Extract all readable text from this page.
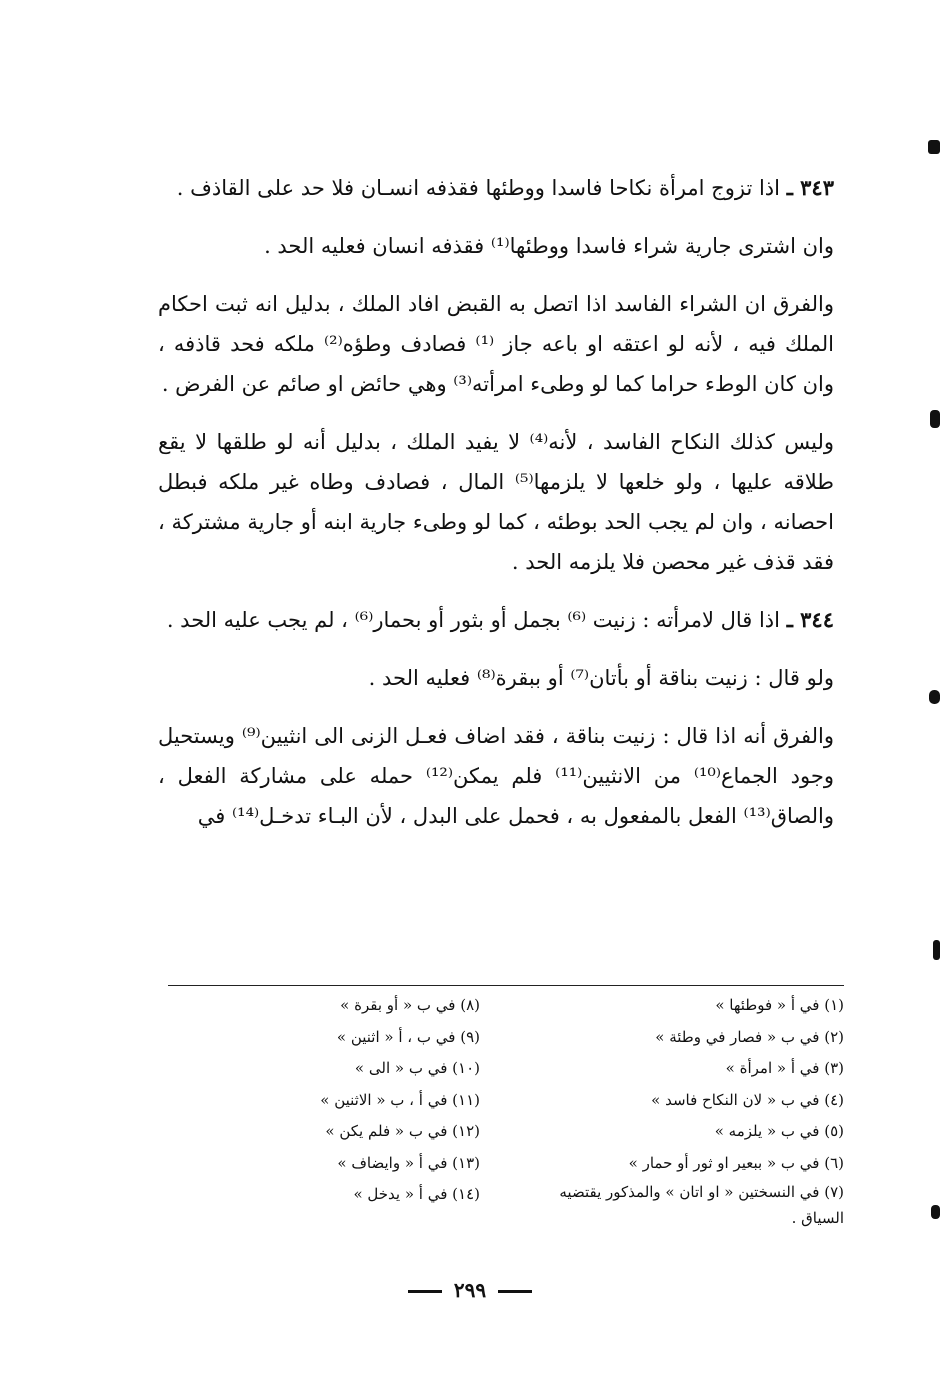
٣٤٣ ـ اذا تزوج امرأة نكاحا فاسدا ووطئها فقذفه انسـان فلا حد على القاذف .

وان اشترى جارية شراء فاسدا ووطئها⁽¹⁾ فقذفه انسان فعليه الحد .

والفرق ان الشراء الفاسد اذا اتصل به القبض افاد الملك ، بدليل انه ثبت احكام الملك فيه ، لأنه لو اعتقه او باعه جاز ⁽¹⁾ فصادف وطؤه⁽²⁾ ملكه فحد قاذفه ، وان كان الوطء حراما كما لو وطىء امرأته⁽³⁾ وهي حائض او صائم عن الفرض .

وليس كذلك النكاح الفاسد ، لأنه⁽⁴⁾ لا يفيد الملك ، بدليل أنه لو طلقها لا يقع طلاقه عليها ، ولو خلعها لا يلزمها⁽⁵⁾ المال ، فصادف وطاه غير ملكه فبطل احصانه ، وان لم يجب الحد بوطئه ، كما لو وطىء جارية ابنه أو جارية مشتركة ، فقد قذف غير محصن فلا يلزمه الحد .

٣٤٤ ـ اذا قال لامرأته : زنيت ⁽⁶⁾ بجمل أو بثور أو بحمار⁽⁶⁾ ، لم يجب عليه الحد .

ولو قال : زنيت بناقة أو بأتان⁽⁷⁾ أو ببقرة⁽⁸⁾ فعليه الحد .

والفرق أنه اذا قال : زنيت بناقة ، فقد اضاف فعـل الزنى الى انثيين⁽⁹⁾ ويستحيل وجود الجماع⁽¹⁰⁾ من الانثيين⁽¹¹⁾ فلم يمكن⁽¹²⁾ حمله على مشاركة الفعل ، والصاق⁽¹³⁾ الفعل بالمفعول به ، فحمل على البدل ، لأن البـاء تدخـل⁽¹⁴⁾ في

(١) في أ « فوطئها »

(٢) في ب « فصار في وطئة »

(٣) في أ « امرأة »

(٤) في ب « لان النكاح فاسد »

(٥) في ب « يلزمه »

(٦) في ب « ببعير او ثور أو حمار »

(٧) في النسختين « او اتان » والمذكور يقتضيه السياق .

(٨) في ب « أو بقرة »

(٩) في ب ، أ « اثنين »

(١٠) في ب « الى »

(١١) في أ ، ب « الاثنين »

(١٢) في ب « فلم يكن »

(١٣) في أ « وايضاف »

(١٤) في أ « يدخل »

٢٩٩
